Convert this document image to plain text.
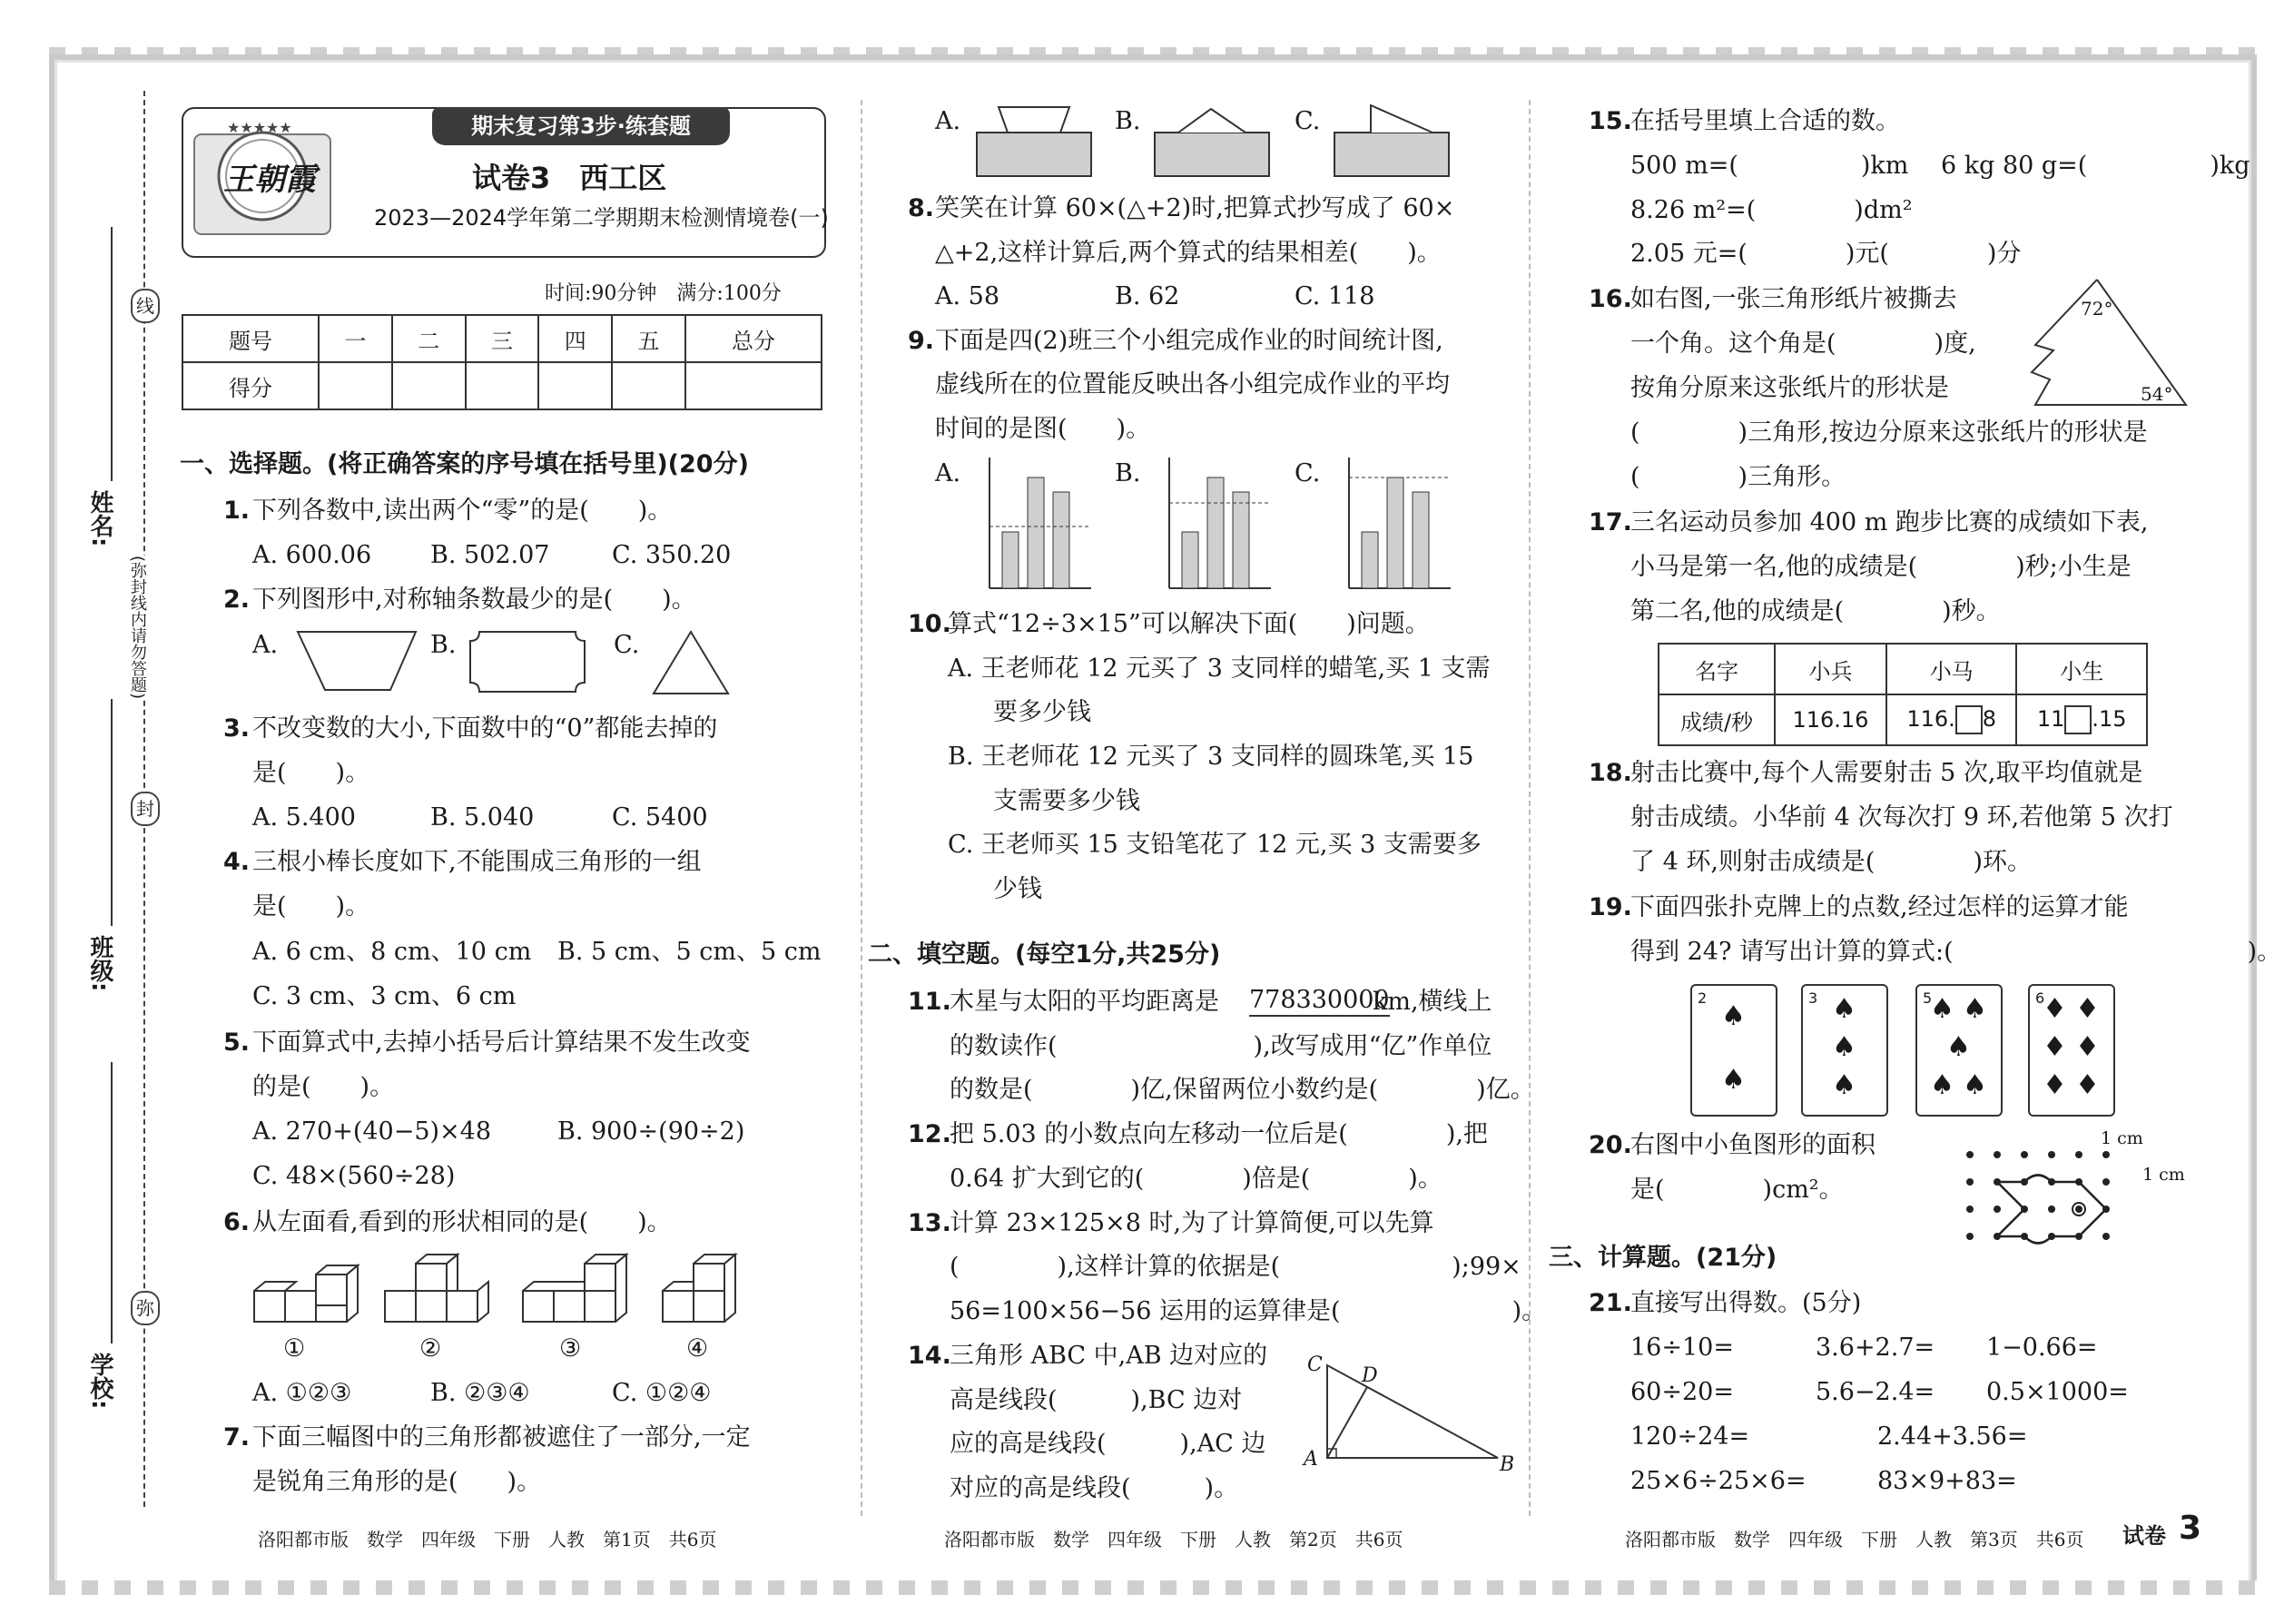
线
封
弥
(弥封线内请勿答题)
姓名:
班级:
学校:
期末复习第3步·练套题
★★★★★
王朝霞	试卷3　西工区
2023—2024学年第二学期期末检测情境卷(一)
时间:90分钟　满分:100分
题号	一	二	三	四	五	总分
得分						
一、选择题。(将正确答案的序号填在括号里)(20分)
1. 下列各数中,读出两个“零”的是(　　)。
A. 600.06 B. 502.07	C. 350.20
2. 下列图形中,对称轴条数最少的是(　　)。
A.	B.	C.
3. 不改变数的大小,下面数中的“0”都能去掉的
是(　　)。
A. 5.400	B. 5.040	C. 5400
4. 三根小棒长度如下,不能围成三角形的一组
是(　　)。
A. 6 cm、8 cm、10 cm B. 5 cm、5 cm、5 cm
C. 3 cm、3 cm、6 cm
5. 下面算式中,去掉小括号后计算结果不发生改变
的是(　　)。
A. 270+(40−5)×48	B. 900÷(90÷2)
C. 48×(560÷28)
6. 从左面看,看到的形状相同的是(　　)。
①	②	③	④
A. ①②③	B. ②③④	C. ①②④
7. 下面三幅图中的三角形都被遮住了一部分,一定
是锐角三角形的是(　　)。
洛阳都市版　数学　四年级　下册　人教　第1页　共6页
A.	B.	C.
8. 笑笑在计算 60×(△+2)时,把算式抄写成了 60×
△+2,这样计算后,两个算式的结果相差(　　)。
A. 58	B. 62	C. 118
9. 下面是四(2)班三个小组完成作业的时间统计图,
虚线所在的位置能反映出各小组完成作业的平均
时间的是图(　　)。
A.	B.	C.
10.
算式“12÷3×15”可以解决下面(　　)问题。
A. 王老师花 12 元买了 3 支同样的蜡笔,买 1 支需
要多少钱
B. 王老师花 12 元买了 3 支同样的圆珠笔,买 15
支需要多少钱
C. 王老师买 15 支铅笔花了 12 元,买 3 支需要多
少钱
二、填空题。(每空1分,共25分)
11.
木星与太阳的平均距离是 778330000
km,横线上
的数读作(　　　　　　　　),改写成用“亿”作单位
的数是(　　　　)亿,保留两位小数约是(　　　　)亿。
12.
把 5.03 的小数点向左移动一位后是(　　　　),把
0.64 扩大到它的(　　　　)倍是(　　　　)。
13.
计算 23×125×8 时,为了计算简便,可以先算
(　　　　),这样计算的依据是(　　　　　　　);99×
56=100×56−56 运用的运算律是(　　　　　　　)。
14.
三角形 ABC 中,AB 边对应的
高是线段(　　　),BC 边对
应的高是线段(　　　),AC 边
对应的高是线段(　　　)。
C D
A	B
洛阳都市版　数学　四年级　下册　人教　第2页　共6页
15.
在括号里填上合适的数。
500 m=(　　　　　)km　 6 kg 80 g=(　　　　　)kg
8.26 m²=(　　　　)dm²
2.05 元=(　　　　)元(　　　　)分
16.
如右图,一张三角形纸片被撕去
一个角。这个角是(　　　　)度,
按角分原来这张纸片的形状是
(　　　　)三角形,按边分原来这张纸片的形状是
(　　　　)三角形。
72°
54°
17.
三名运动员参加 400 m 跑步比赛的成绩如下表,
小马是第一名,他的成绩是(　　　　)秒;小生是
第二名,他的成绩是(　　　　)秒。
名字	小兵	小马	小生
成绩/秒	116.16	116. 8	11 .15
18.
射击比赛中,每个人需要射击 5 次,取平均值就是
射击成绩。小华前 4 次每次打 9 环,若他第 5 次打
了 4 环,则射击成绩是(　　　　)环。
19.
下面四张扑克牌上的点数,经过怎样的运算才能
得到 24? 请写出计算的算式:(　　　　　　　　　　　　)。
2
♠
♠
3 ♠
♠
♠
5
♠ ♠
♠
♠ ♠
6
♦ ♦
♦ ♦
♦ ♦
20.
右图中小鱼图形的面积
是(　　　　)cm²。
1 cm
1 cm
三、计算题。(21分)
21.
直接写出得数。(5分)
16÷10=	3.6+2.7= 1−0.66=
60÷20=	5.6−2.4= 0.5×1000=
120÷24=	2.44+3.56=
25×6÷25×6=	83×9+83=
洛阳都市版　数学　四年级　下册　人教　第3页　共6页 试卷 3
